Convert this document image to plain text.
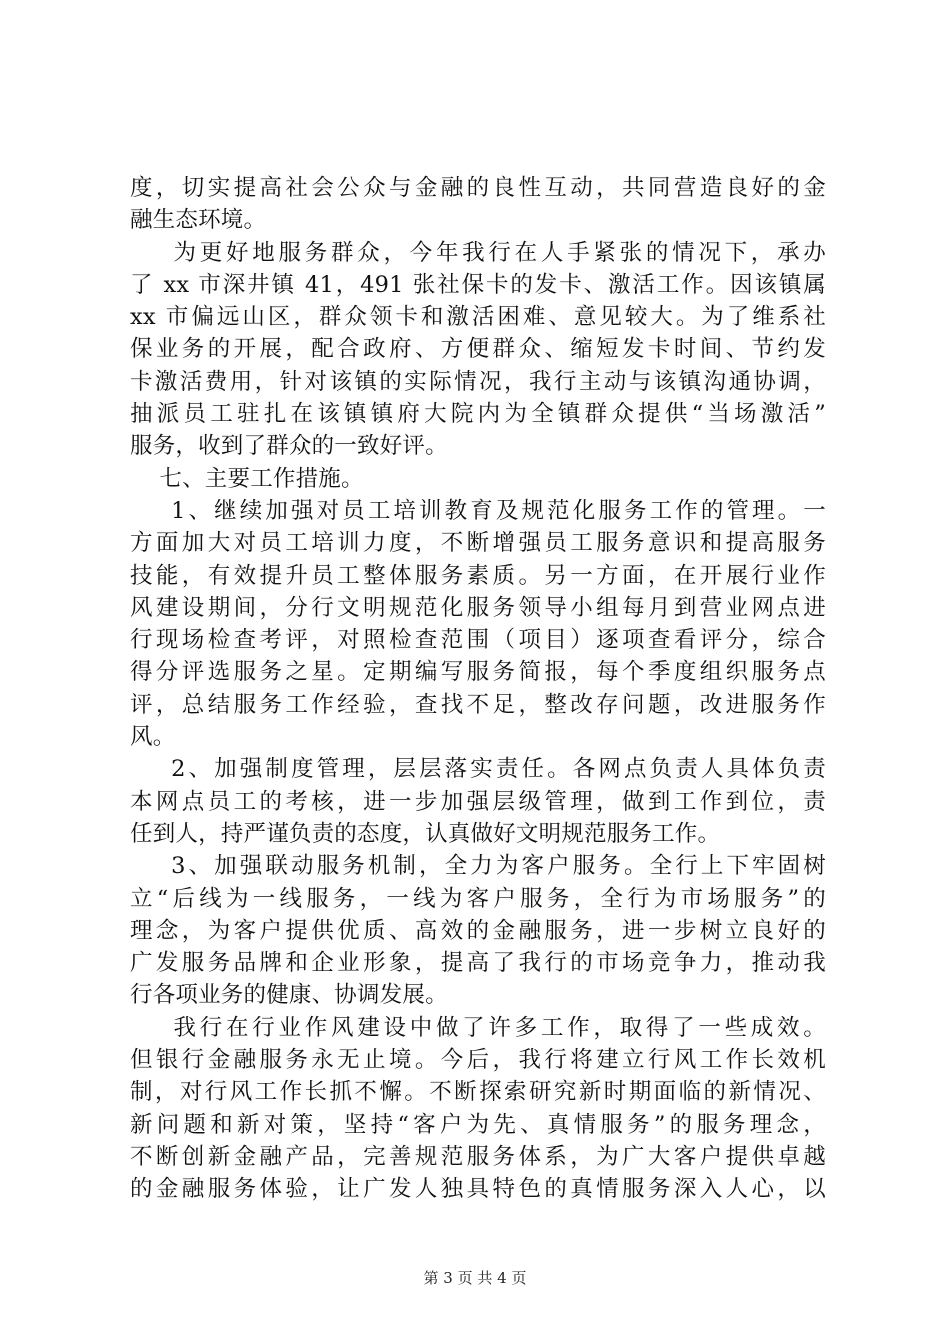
度，切实提高社会公众与金融的良性互动，共同营造良好的金
融生态环境。
为更好地服务群众，今年我行在人手紧张的情况下，承办
了 xx 市深井镇 41，491 张社保卡的发卡、激活工作。因该镇属
xx 市偏远山区，群众领卡和激活困难、意见较大。为了维系社
保业务的开展，配合政府、方便群众、缩短发卡时间、节约发
卡激活费用，针对该镇的实际情况，我行主动与该镇沟通协调，
抽派员工驻扎在该镇镇府大院内为全镇群众提供“当场激活”
服务，收到了群众的一致好评。
七、主要工作措施。
1、继续加强对员工培训教育及规范化服务工作的管理。一
方面加大对员工培训力度，不断增强员工服务意识和提高服务
技能，有效提升员工整体服务素质。另一方面，在开展行业作
风建设期间，分行文明规范化服务领导小组每月到营业网点进
行现场检查考评，对照检查范围（项目）逐项查看评分，综合
得分评选服务之星。定期编写服务简报，每个季度组织服务点
评，总结服务工作经验，查找不足，整改存问题，改进服务作
风。
2、加强制度管理，层层落实责任。各网点负责人具体负责
本网点员工的考核，进一步加强层级管理，做到工作到位，责
任到人，持严谨负责的态度，认真做好文明规范服务工作。
3、加强联动服务机制，全力为客户服务。全行上下牢固树
立“后线为一线服务，一线为客户服务，全行为市场服务”的
理念，为客户提供优质、高效的金融服务，进一步树立良好的
广发服务品牌和企业形象，提高了我行的市场竞争力，推动我
行各项业务的健康、协调发展。
我行在行业作风建设中做了许多工作，取得了一些成效。
但银行金融服务永无止境。今后，我行将建立行风工作长效机
制，对行风工作长抓不懈。不断探索研究新时期面临的新情况、
新问题和新对策，坚持“客户为先、真情服务”的服务理念，
不断创新金融产品，完善规范服务体系，为广大客户提供卓越
的金融服务体验，让广发人独具特色的真情服务深入人心，以
第 3 页 共 4 页
